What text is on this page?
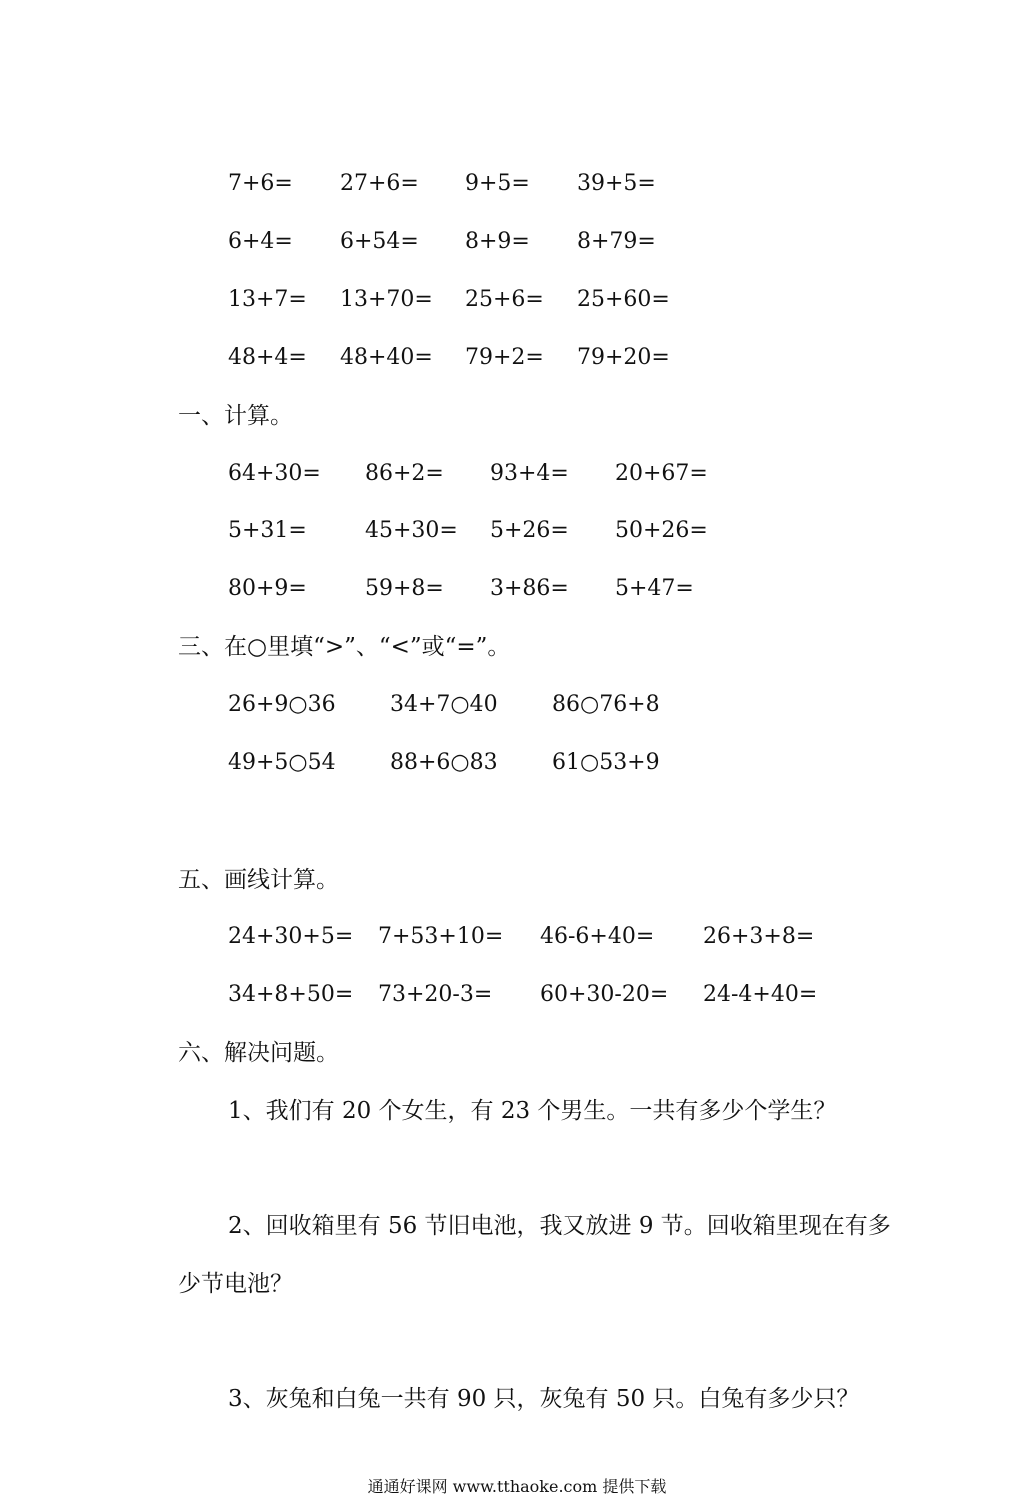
7+6= 27+6= 9+5= 39+5=
6+4= 6+54= 8+9= 8+79=
13+7= 13+70= 25+6= 25+60=
48+4= 48+40= 79+2= 79+20=
一、计算。
64+30= 86+2= 93+4= 20+67=
5+31=	45+30= 5+26= 50+26=
80+9=	59+8= 3+86= 5+47=
三、在○里填“>”、“<”或“=”。
26+9○36 34+7○40 86○76+8
49+5○54 88+6○83 61○53+9
五、画线计算。
24+30+5= 7+53+10= 46-6+40= 26+3+8=
34+8+50= 73+20-3= 60+30-20= 24-4+40=
六、解决问题。
1、我们有 20 个女生，有 23 个男生。一共有多少个学生？
2、回收箱里有 56 节旧电池，我又放进 9 节。回收箱里现在有多
少节电池？
3、灰兔和白兔一共有 90 只，灰兔有 50 只。白兔有多少只？
通通好课网 www.tthaoke.com 提供下载
